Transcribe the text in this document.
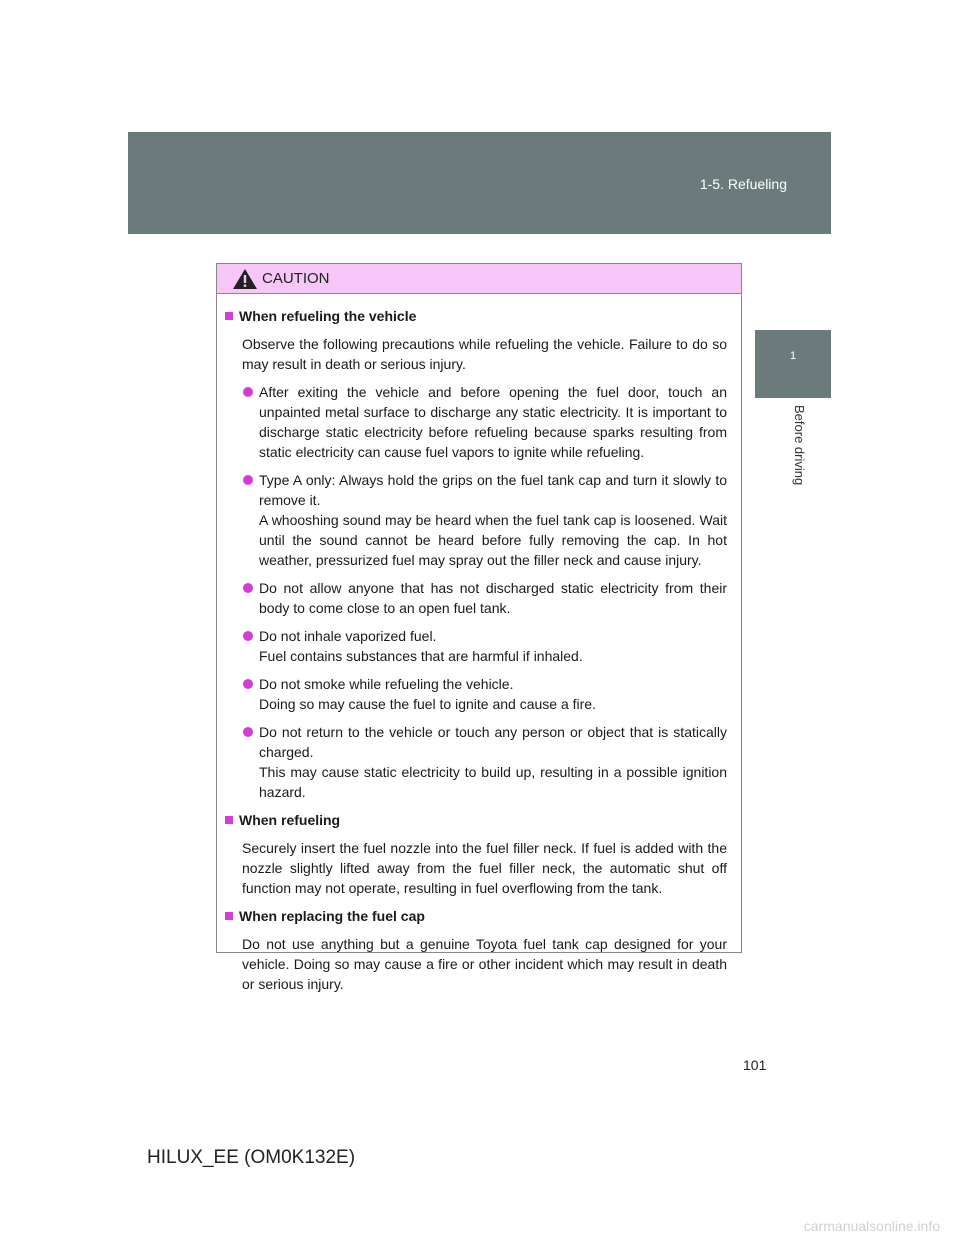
1-5. Refueling
1
Before driving
CAUTION
When refueling the vehicle
Observe the following precautions while refueling the vehicle. Failure to do so may result in death or serious injury.
After exiting the vehicle and before opening the fuel door, touch an unpainted metal surface to discharge any static electricity. It is important to discharge static electricity before refueling because sparks resulting from static electricity can cause fuel vapors to ignite while refueling.
Type A only: Always hold the grips on the fuel tank cap and turn it slowly to remove it.
A whooshing sound may be heard when the fuel tank cap is loosened. Wait until the sound cannot be heard before fully removing the cap. In hot weather, pressurized fuel may spray out the filler neck and cause injury.
Do not allow anyone that has not discharged static electricity from their body to come close to an open fuel tank.
Do not inhale vaporized fuel.
Fuel contains substances that are harmful if inhaled.
Do not smoke while refueling the vehicle.
Doing so may cause the fuel to ignite and cause a fire.
Do not return to the vehicle or touch any person or object that is statically charged.
This may cause static electricity to build up, resulting in a possible ignition hazard.
When refueling
Securely insert the fuel nozzle into the fuel filler neck. If fuel is added with the nozzle slightly lifted away from the fuel filler neck, the automatic shut off function may not operate, resulting in fuel overflowing from the tank.
When replacing the fuel cap
Do not use anything but a genuine Toyota fuel tank cap designed for your vehicle. Doing so may cause a fire or other incident which may result in death or serious injury.
101
HILUX_EE (OM0K132E)
carmanualsonline.info
